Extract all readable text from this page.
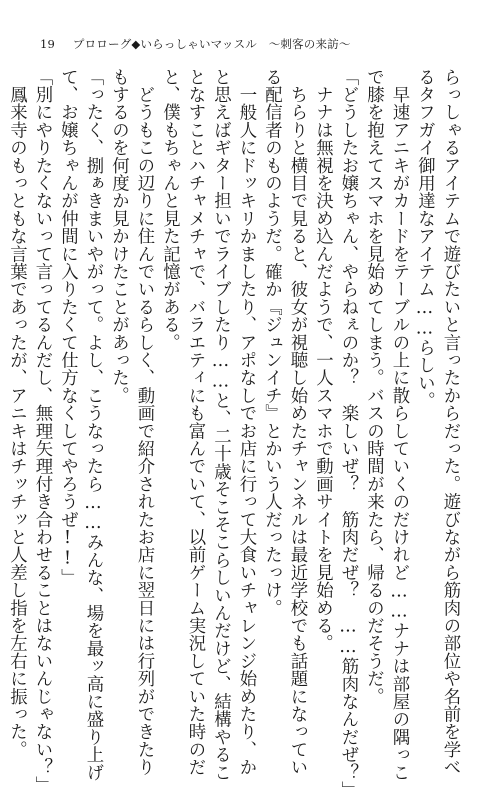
19 プロローグ◆いらっしゃいマッスル　〜刺客の来訪〜
らっしゃるアイテムで遊びたいと言ったからだった。遊びながら筋肉の部位や名前を学べ
るタフガイ御用達なアイテム……らしい。
　早速アニキがカードをテーブルの上に散らしていくのだけれど……ナナは部屋の隅っこ
で膝を抱えてスマホを見始めてしまう。バスの時間が来たら、帰るのだそうだ。
「どうしたお嬢ちゃん、やらねぇのか？　楽しいぜ？　筋肉だぜ？　……筋肉なんだぜ？」
　ナナは無視を決め込んだようで、一人スマホで動画サイトを見始める。
　ちらりと横目で見ると、彼女が視聴し始めたチャンネルは最近学校でも話題になってい
る配信者のものようだ。確か『ジュンイチ』とかいう人だったっけ。
　一般人にドッキリかましたり、アポなしでお店に行って大食いチャレンジ始めたり、か
と思えばギター担いでライブしたり……と、二十歳そこそこらしいんだけど、結構やるこ
となすことハチャメチャで、バラエティにも富んでいて、以前ゲーム実況していた時のだ
と、僕もちゃんと見た記憶がある。
　どうもこの辺りに住んでいるらしく、動画で紹介されたお店に翌日には行列ができたり
もするのを何度か見かけたことがあった。
「ったく、捌ぁきまいやがって。よし、こうなったら……みんな、場を最ッ高に盛り上げ
て、お嬢ちゃんが仲間に入りたくて仕方なくしてやろうぜ!!」
「別にやりたくないって言ってるんだし、無理矢理付き合わせることはないんじゃない？」
　鳳来寺のもっともな言葉であったが、アニキはチッチッと人差し指を左右に振った。
